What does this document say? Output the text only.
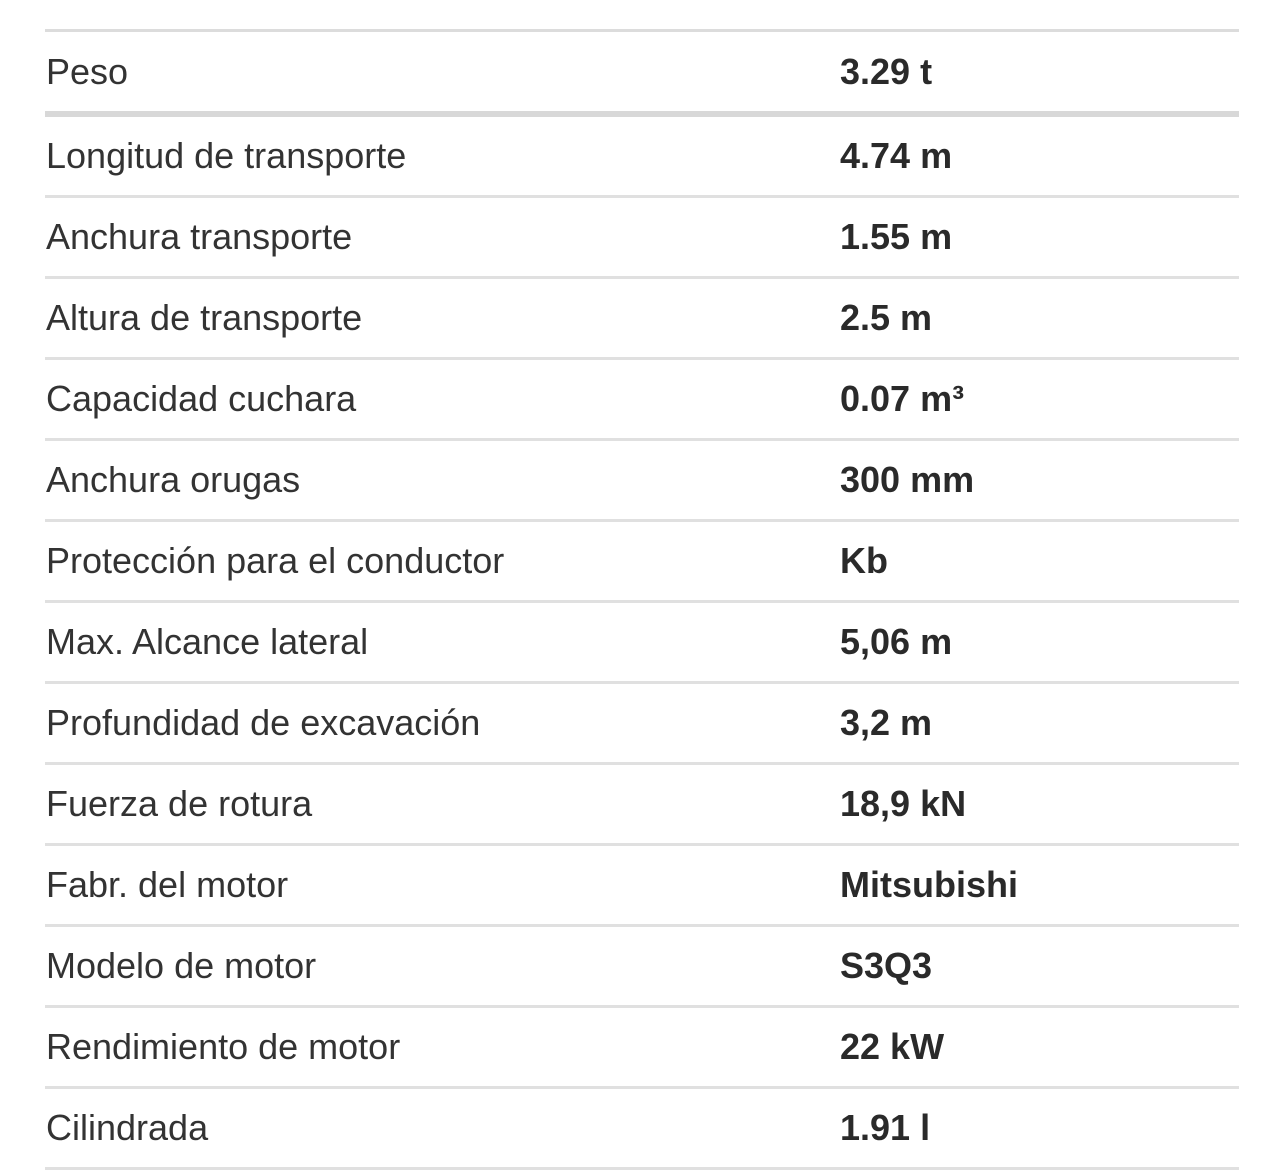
Peso	3.29 t
Longitud de transporte	4.74 m
Anchura transporte	1.55 m
Altura de transporte	2.5 m
Capacidad cuchara	0.07 m³
Anchura orugas	300 mm
Protección para el conductor	Kb
Max. Alcance lateral	5,06 m
Profundidad de excavación	3,2 m
Fuerza de rotura	18,9 kN
Fabr. del motor	Mitsubishi
Modelo de motor	S3Q3
Rendimiento de motor	22 kW
Cilindrada	1.91 l
